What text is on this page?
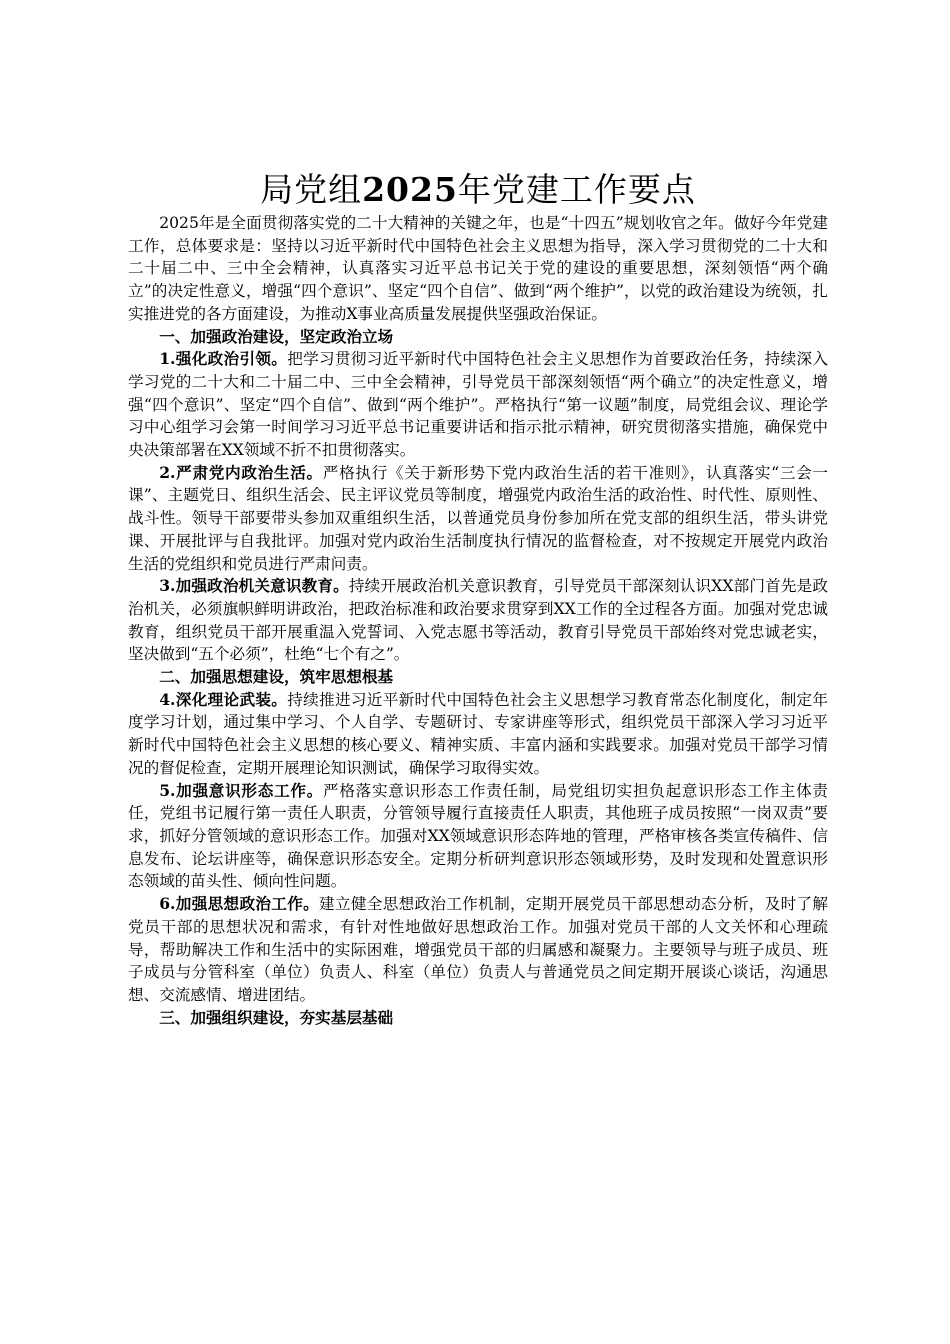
局党组2025年党建工作要点

2025年是全面贯彻落实党的二十大精神的关键之年，也是“十四五”规划收官之年。做好今年党建工作，总体要求是：坚持以习近平新时代中国特色社会主义思想为指导，深入学习贯彻党的二十大和二十届二中、三中全会精神，认真落实习近平总书记关于党的建设的重要思想，深刻领悟“两个确立”的决定性意义，增强“四个意识”、坚定“四个自信”、做到“两个维护”，以党的政治建设为统领，扎实推进党的各方面建设，为推动X事业高质量发展提供坚强政治保证。

一、加强政治建设，坚定政治立场

1.强化政治引领。把学习贯彻习近平新时代中国特色社会主义思想作为首要政治任务，持续深入学习党的二十大和二十届二中、三中全会精神，引导党员干部深刻领悟“两个确立”的决定性意义，增强“四个意识”、坚定“四个自信”、做到“两个维护”。严格执行“第一议题”制度，局党组会议、理论学习中心组学习会第一时间学习习近平总书记重要讲话和指示批示精神，研究贯彻落实措施，确保党中央决策部署在XX领域不折不扣贯彻落实。

2.严肃党内政治生活。严格执行《关于新形势下党内政治生活的若干准则》，认真落实“三会一课”、主题党日、组织生活会、民主评议党员等制度，增强党内政治生活的政治性、时代性、原则性、战斗性。领导干部要带头参加双重组织生活，以普通党员身份参加所在党支部的组织生活，带头讲党课、开展批评与自我批评。加强对党内政治生活制度执行情况的监督检查，对不按规定开展党内政治生活的党组织和党员进行严肃问责。

3.加强政治机关意识教育。持续开展政治机关意识教育，引导党员干部深刻认识XX部门首先是政治机关，必须旗帜鲜明讲政治，把政治标准和政治要求贯穿到XX工作的全过程各方面。加强对党忠诚教育，组织党员干部开展重温入党誓词、入党志愿书等活动，教育引导党员干部始终对党忠诚老实，坚决做到“五个必须”，杜绝“七个有之”。

二、加强思想建设，筑牢思想根基

4.深化理论武装。持续推进习近平新时代中国特色社会主义思想学习教育常态化制度化，制定年度学习计划，通过集中学习、个人自学、专题研讨、专家讲座等形式，组织党员干部深入学习习近平新时代中国特色社会主义思想的核心要义、精神实质、丰富内涵和实践要求。加强对党员干部学习情况的督促检查，定期开展理论知识测试，确保学习取得实效。

5.加强意识形态工作。严格落实意识形态工作责任制，局党组切实担负起意识形态工作主体责任，党组书记履行第一责任人职责，分管领导履行直接责任人职责，其他班子成员按照“一岗双责”要求，抓好分管领域的意识形态工作。加强对XX领域意识形态阵地的管理，严格审核各类宣传稿件、信息发布、论坛讲座等，确保意识形态安全。定期分析研判意识形态领域形势，及时发现和处置意识形态领域的苗头性、倾向性问题。

6.加强思想政治工作。建立健全思想政治工作机制，定期开展党员干部思想动态分析，及时了解党员干部的思想状况和需求，有针对性地做好思想政治工作。加强对党员干部的人文关怀和心理疏导，帮助解决工作和生活中的实际困难，增强党员干部的归属感和凝聚力。主要领导与班子成员、班子成员与分管科室（单位）负责人、科室（单位）负责人与普通党员之间定期开展谈心谈话，沟通思想、交流感情、增进团结。

三、加强组织建设，夯实基层基础
